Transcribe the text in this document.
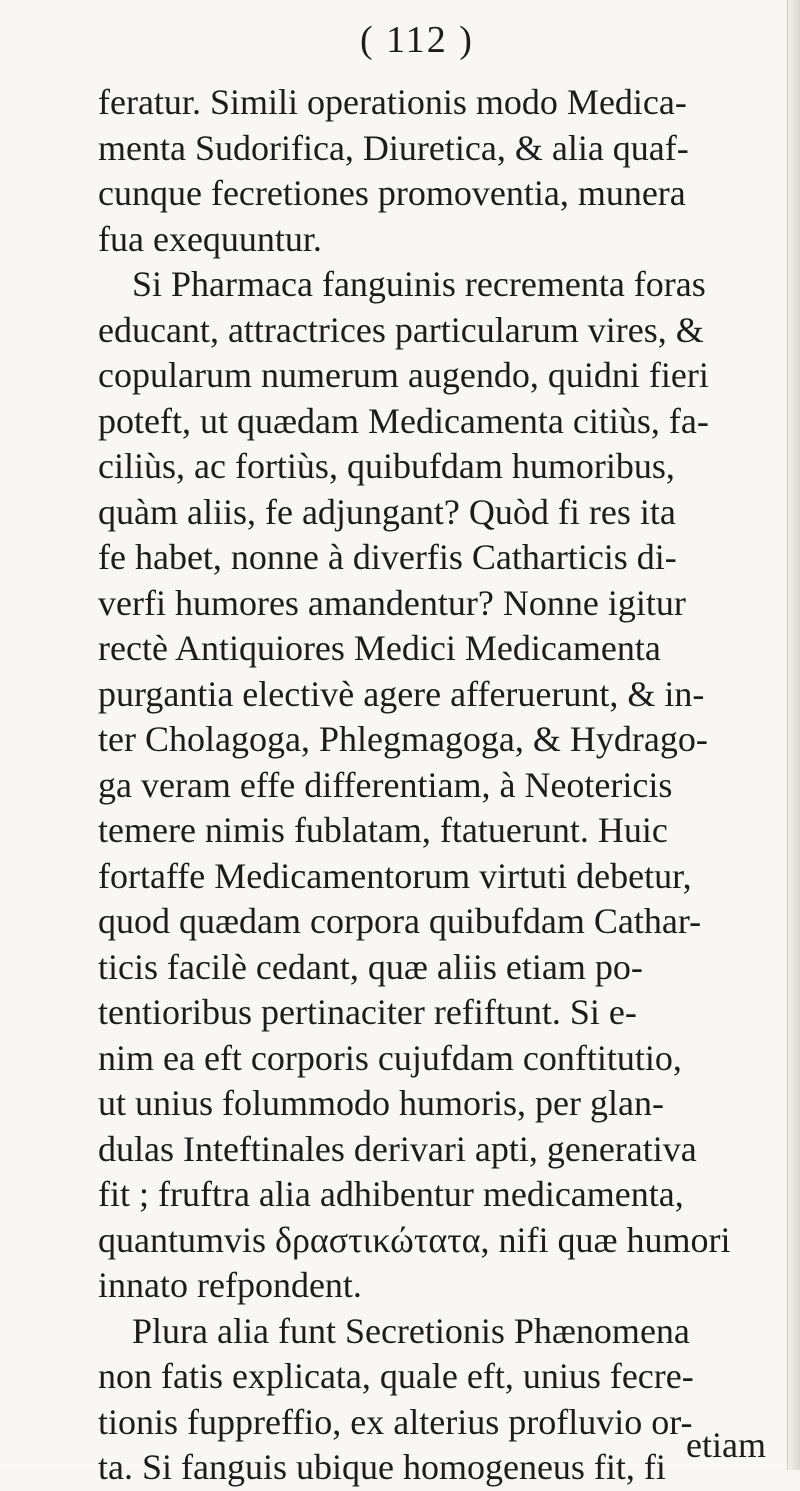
( 112 )
feratur. Simili operationis modo Medica-
menta Sudorifica, Diuretica, & alia quaf-
cunque fecretiones promoventia, munera
fua exequuntur.
Si Pharmaca fanguinis recrementa foras
educant, attractrices particularum vires, &
copularum numerum augendo, quidni fieri
poteft, ut quædam Medicamenta citiùs, fa-
ciliùs, ac fortiùs, quibufdam humoribus,
quàm aliis, fe adjungant? Quòd fi res ita
fe habet, nonne à diverfis Catharticis di-
verfi humores amandentur? Nonne igitur
rectè Antiquiores Medici Medicamenta
purgantia electivè agere afferuerunt, & in-
ter Cholagoga, Phlegmagoga, & Hydrago-
ga veram effe differentiam, à Neotericis
temere nimis fublatam, ftatuerunt. Huic
fortaffe Medicamentorum virtuti debetur,
quod quædam corpora quibufdam Cathar-
ticis facilè cedant, quæ aliis etiam po-
tentioribus pertinaciter refiftunt. Si e-
nim ea eft corporis cujufdam conftitutio,
ut unius folummodo humoris, per glan-
dulas Inteftinales derivari apti, generativa
fit ; fruftra alia adhibentur medicamenta,
quantumvis δραστικώτατα, nifi quæ humori
innato refpondent.
Plura alia funt Secretionis Phænomena
non fatis explicata, quale eft, unius fecre-
tionis fuppreffio, ex alterius profluvio or-
ta. Si fanguis ubique homogeneus fit, fi
etiam
